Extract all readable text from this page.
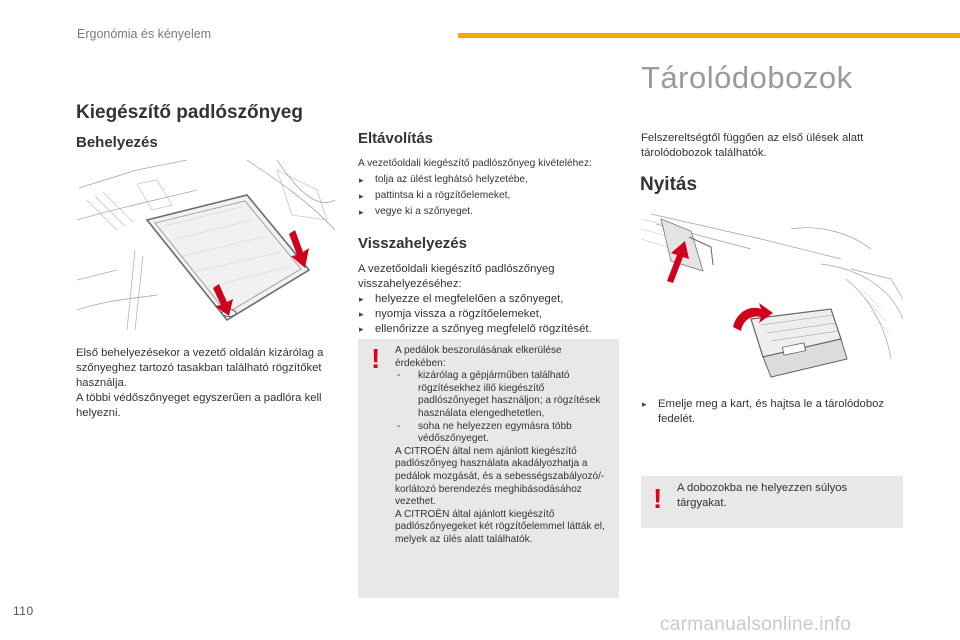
Ergonómia és kényelem
Kiegészítő padlószőnyeg
Behelyezés

Első behelyezésekor a vezető oldalán kizárólag a szőnyeghez tartozó tasakban található rögzítőket használja.

A többi védőszőnyeget egyszerűen a padlóra kell helyezni.

Eltávolítás

A vezetőoldali kiegészítő padlószőnyeg kivételéhez:

▸ tolja az ülést leghátsó helyzetébe,
▸ pattintsa ki a rögzítőelemeket,
▸ vegye ki a szőnyeget.
Visszahelyezés

A vezetőoldali kiegészítő padlószőnyeg visszahelyezéséhez:

▸ helyezze el megfelelően a szőnyeget,
▸ nyomja vissza a rögzítőelemeket,
▸ ellenőrizze a szőnyeg megfelelő rögzítését.
! A pedálok beszorulásának elkerülése érdekében:

- kizárólag a gépjárműben található rögzítésekhez illő kiegészítő padlószőnyeget használjon; a rögzítések használata elengedhetetlen,

- soha ne helyezzen egymásra több védőszőnyeget.

A CITROËN által nem ajánlott kiegészítő padlószőnyeg használata akadályozhatja a pedálok mozgását, és a sebességszabályozó/-korlátozó berendezés meghibásodásához vezethet.

A CITROËN által ajánlott kiegészítő padlószőnyegeket két rögzítőelemmel látták el, melyek az ülés alatt találhatók.

Tárolódobozok
Felszereltségtől függően az első ülések alatt tárolódobozok találhatók.
Nyitás
▸ Emelje meg a kart, és hajtsa le a tárolódoboz fedelét.
! A dobozokba ne helyezzen súlyos tárgyakat.
110
carmanualsonline.info
